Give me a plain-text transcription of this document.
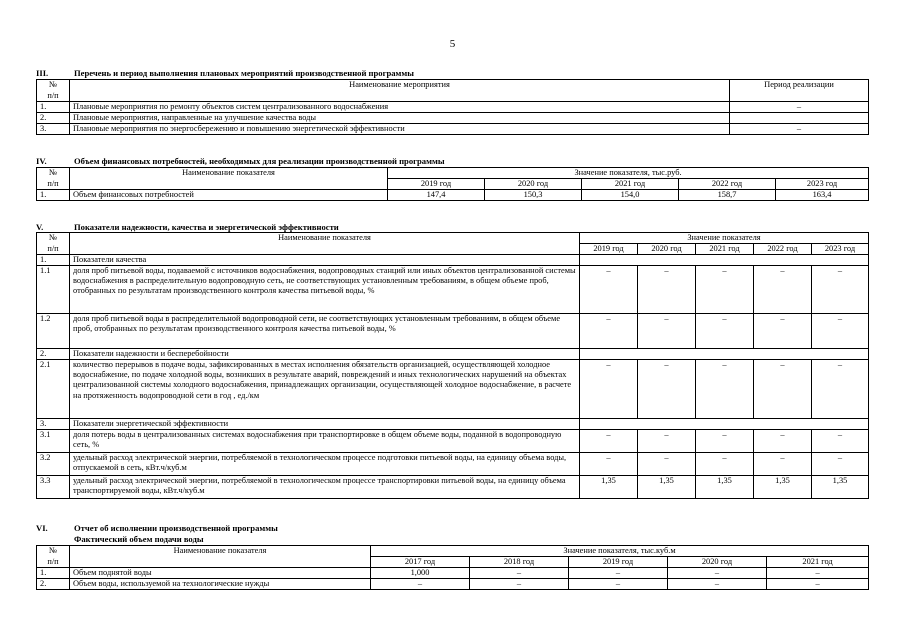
5
III.	Перечень и период выполнения плановых мероприятий производственной программы
№	Наименование мероприятия	Период реализации
п/п		
1.	Плановые мероприятия по ремонту объектов систем централизованного водоснабжения	–
2.	Плановые мероприятия, направленные на улучшение качества воды	
3.	Плановые мероприятия по энергосбережению и повышению энергетической эффективности	–
IV.	Объем финансовых потребностей, необходимых для реализации производственной программы
№	Наименование показателя	Значение показателя, тыс.руб.				
п/п		2019 год	2020 год	2021 год	2022 год	2023 год
1.	Объем финансовых потребностей	147,4	150,3	154,0	158,7	163,4
V.	Показатели надежности, качества и энергетической эффективности
№	Наименование показателя	Значение показателя				
п/п		2019 год	2020 год	2021 год	2022 год	2023 год
1.	Показатели качества					
1.1	доля проб питьевой воды, подаваемой с источников водоснабжения, водопроводных станций или иных объектов централизованной системы водоснабжения в распределительную водопроводную сеть, не соответствующих установленным требованиям, в общем объеме проб, отобранных по результатам производственного контроля качества питьевой воды, %	–	–	–	–	–
1.2	доля проб питьевой воды в распределительной водопроводной сети, не соответствующих установленным требованиям, в общем объеме проб, отобранных по результатам производственного контроля качества питьевой воды, %	–	–	–	–	–
2.	Показатели надежности и бесперебойности					
2.1	количество перерывов в подаче воды, зафиксированных в местах исполнения обязательств организацией, осуществляющей холодное водоснабжение, по подаче холодной воды, возникших в результате аварий, повреждений и иных технологических нарушений на объектах централизованной системы холодного водоснабжения, принадлежащих организации, осуществляющей холодное водоснабжение, в расчете на протяженность водопроводной сети в год , ед./км	–	–	–	–	–
3.	Показатели энергетической эффективности					
3.1	доля потерь воды в централизованных системах водоснабжения при транспортировке в общем объеме воды, поданной в водопроводную сеть, %	–	–	–	–	–
3.2	удельный расход электрической энергии, потребляемой в технологическом процессе подготовки питьевой воды, на единицу объема воды, отпускаемой в сеть, кВт.ч/куб.м	–	–	–	–	–
3.3	удельный расход электрической энергии, потребляемой в технологическом процессе транспортировки питьевой воды, на единицу объема транспортируемой воды, кВт.ч/куб.м	1,35	1,35	1,35	1,35	1,35
VI.	Отчет об исполнении производственной программы
Фактический объем подачи воды
№	Наименование показателя	Значение показателя, тыс.куб.м				
п/п		2017 год	2018 год	2019 год	2020 год	2021 год
1.	Объем поднятой воды	1,000	–	–	–	–
2.	Объем воды, используемой на технологические нужды	–	–	–	–	–
